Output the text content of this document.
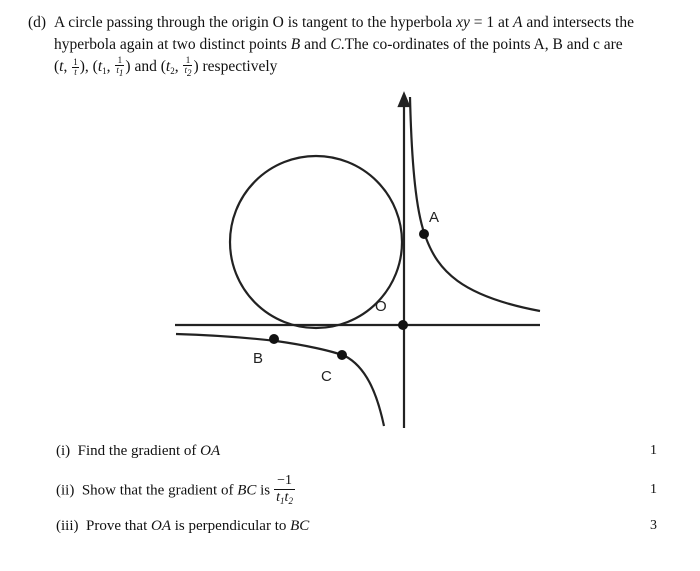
(d) A circle passing through the origin O is tangent to the hyperbola xy = 1 at A and intersects the
hyperbola again at two distinct points B and C.The co-ordinates of the points A, B and c are
(t, $\frac{1}{t}$ ), ($t_1$, $\frac{1}{t1}$ ) and ($t_2$, $\frac{1}{t2}$ ) respectively
A
B
C
O
(i) Find the gradient of OA	1
(ii) Show that the gradient of BC is $\frac{-1}{t_1t_2}$	1
(iii) Prove that OA is perpendicular to BC	3
